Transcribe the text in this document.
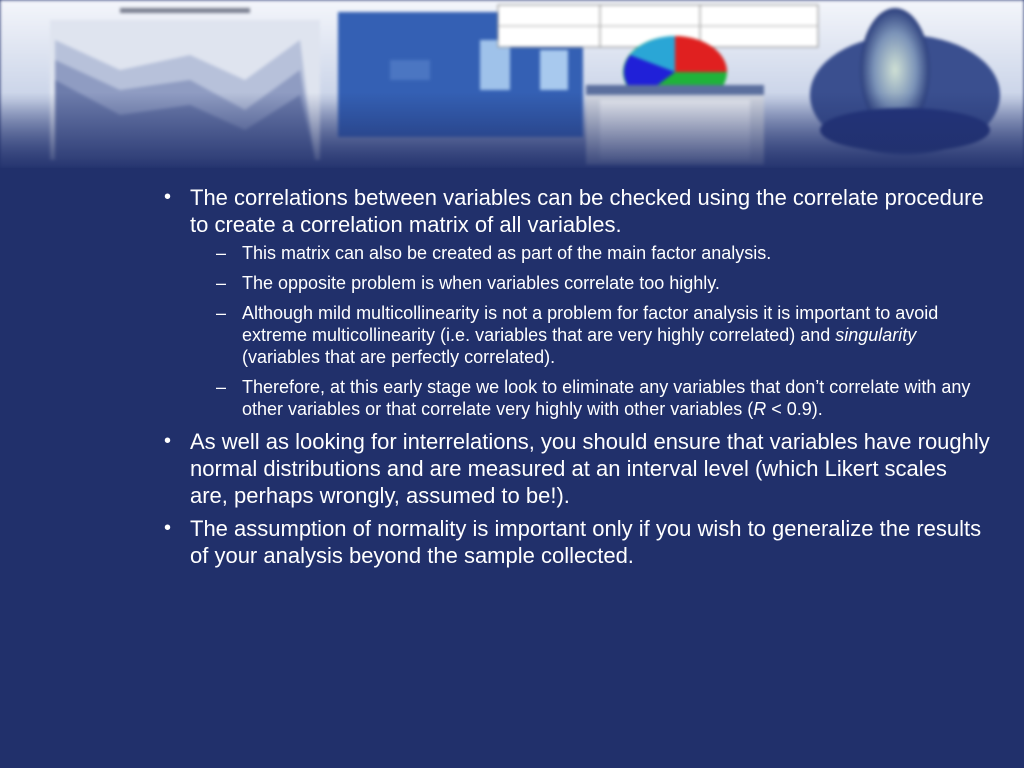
• The correlations between variables can be checked using the correlate procedure to create a correlation matrix of all variables.
– This matrix can also be created as part of the main factor analysis.
– The opposite problem is when variables correlate too highly.
– Although mild multicollinearity is not a problem for factor analysis it is important to avoid extreme multicollinearity (i.e. variables that are very highly correlated) and singularity (variables that are perfectly correlated).
– Therefore, at this early stage we look to eliminate any variables that don’t correlate with any other variables or that correlate very highly with other variables (R < 0.9).
• As well as looking for interrelations, you should ensure that variables have roughly normal distributions and are measured at an interval level (which Likert scales are, perhaps wrongly, assumed to be!).
• The assumption of normality is important only if you wish to generalize the results of your analysis beyond the sample collected.
